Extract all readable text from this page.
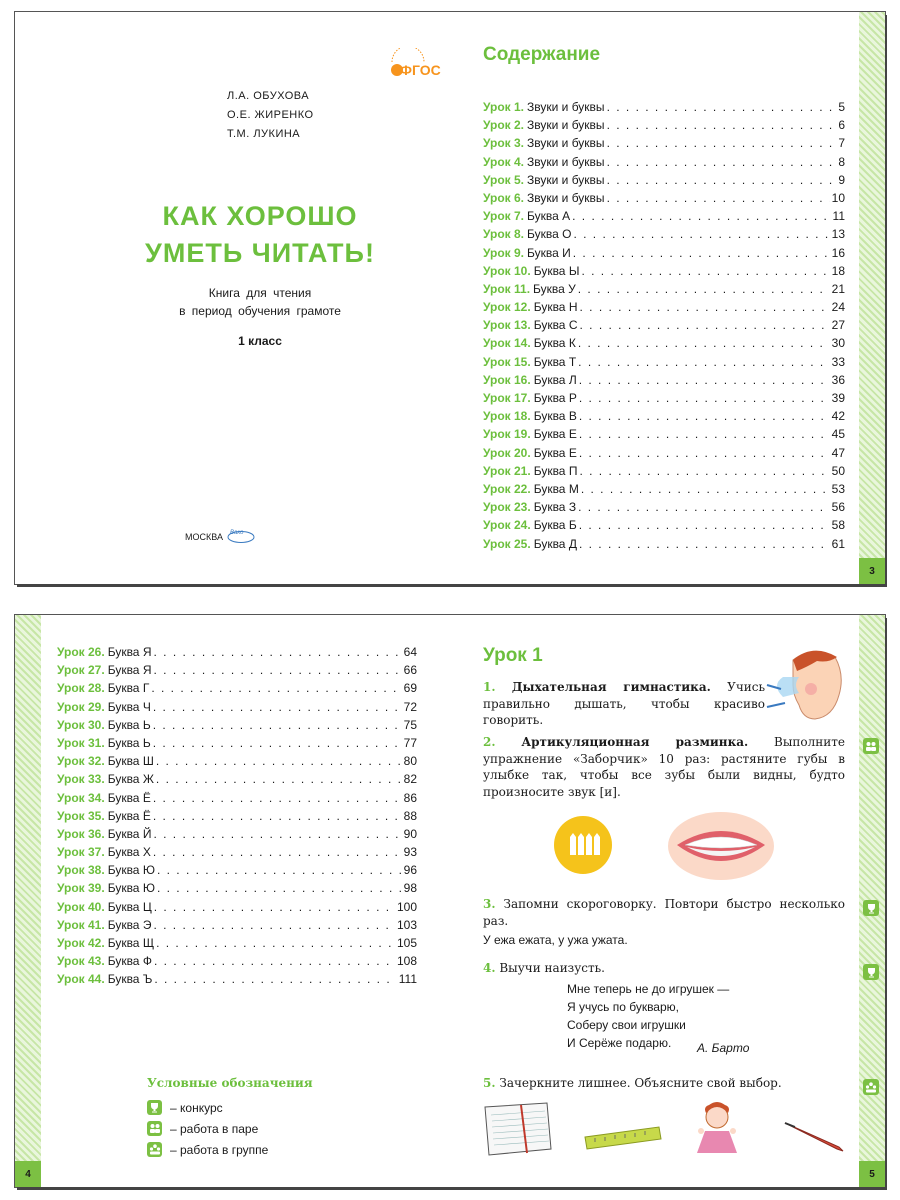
3
ФГОС
Л.А. ОБУХОВА
О.Е. ЖИРЕНКО
Т.М. ЛУКИНА
КАК ХОРОШО
УМЕТЬ ЧИТАТЬ!
Книга для чтения
в период обучения грамоте
1 класс
МОСКВА Вако
Содержание
Урок 1. Звуки и буквы . . .	5
Урок 2. Звуки и буквы . . .	6
Урок 3. Звуки и буквы . . .	7
Урок 4. Звуки и буквы . . .	8
Урок 5. Звуки и буквы . . .	9
Урок 6. Звуки и буквы . . .	10
Урок 7. Буква А . . .	11
Урок 8. Буква О . . .	13
Урок 9. Буква И . . .	16
Урок 10. Буква Ы . . .	18
Урок 11. Буква У . . .	21
Урок 12. Буква Н . . .	24
Урок 13. Буква С . . .	27
Урок 14. Буква К . . .	30
Урок 15. Буква Т . . .	33
Урок 16. Буква Л . . .	36
Урок 17. Буква Р . . .	39
Урок 18. Буква В . . .	42
Урок 19. Буква Е . . .	45
Урок 20. Буква Е . . .	47
Урок 21. Буква П . . .	50
Урок 22. Буква М . . .	53
Урок 23. Буква З . . .	56
Урок 24. Буква Б . . .	58
Урок 25. Буква Д . . .	61
4	5
Урок 26. Буква Я . . .	64
Урок 27. Буква Я . . .	66
Урок 28. Буква Г . . .	69
Урок 29. Буква Ч . . .	72
Урок 30. Буква Ь . . .	75
Урок 31. Буква Ь . . .	77
Урок 32. Буква Ш . . .	80
Урок 33. Буква Ж . . .	82
Урок 34. Буква Ё . . .	86
Урок 35. Буква Ё . . .	88
Урок 36. Буква Й . . .	90
Урок 37. Буква Х . . .	93
Урок 38. Буква Ю . . .	96
Урок 39. Буква Ю . . .	98
Урок 40. Буква Ц . . .	100
Урок 41. Буква Э . . .	103
Урок 42. Буква Щ . . .	105
Урок 43. Буква Ф . . .	108
Урок 44. Буква Ъ . . .	111
Условные обозначения
– конкурс
– работа в паре
– работа в группе
Урок 1
1. Дыхательная гимнастика. Учись правильно дышать, чтобы красиво говорить.
2. Артикуляционная разминка. Выполните упражнение «Заборчик» 10 раз: растяните губы в улыбке так, чтобы все зубы были видны, будто произносите звук [и].
3. Запомни скороговорку. Повтори быстро несколько раз.
У ежа ежата, у ужа ужата.
4. Выучи наизусть.
Мне теперь не до игрушек —
Я учусь по букварю,
Соберу свои игрушки
И Серёже подарю.	А. Барто
5. Зачеркните лишнее. Объясните свой выбор.
